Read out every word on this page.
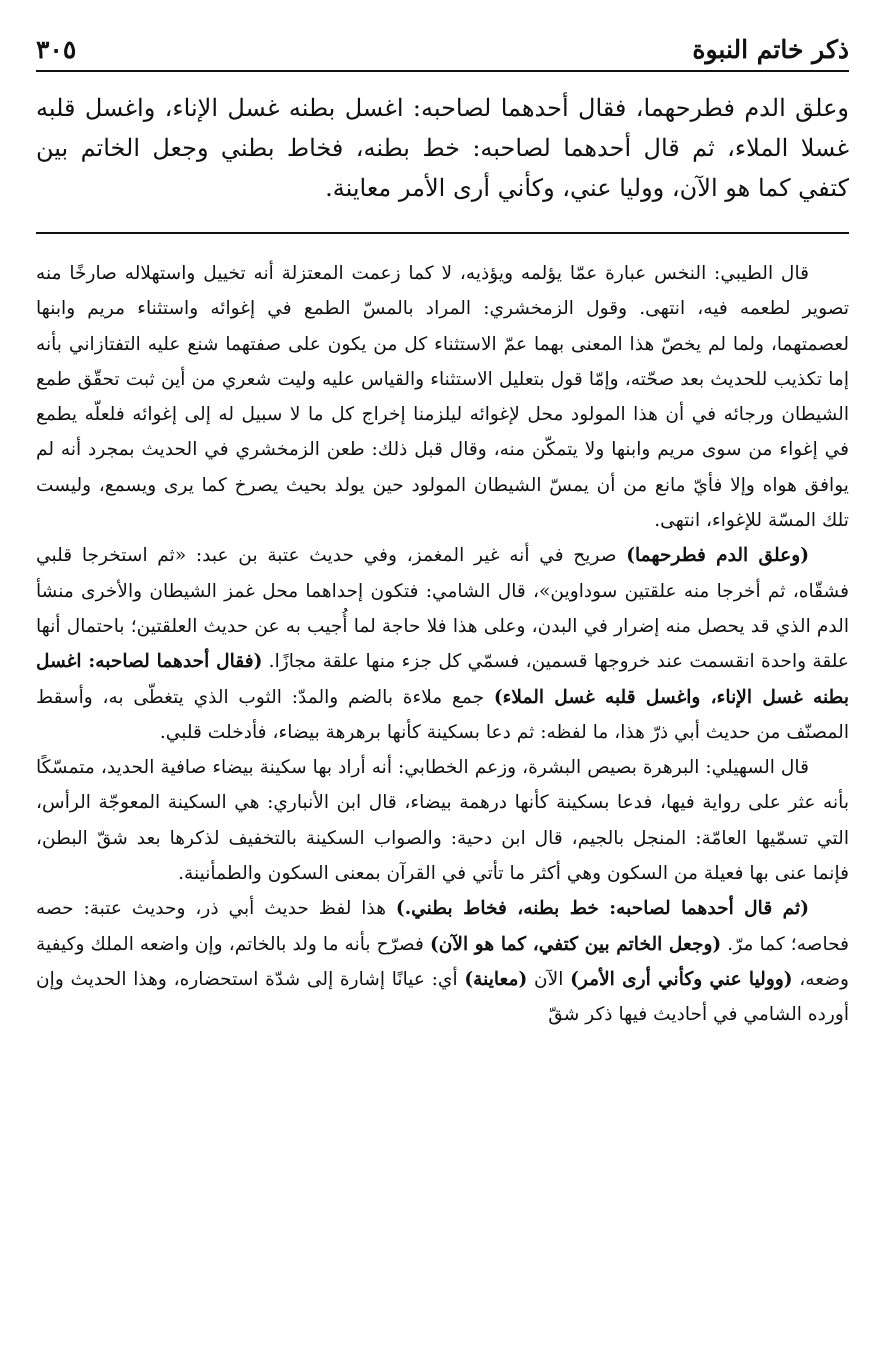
ذكر خاتم النبوة
٣٠٥

وعلق الدم فطرحهما، فقال أحدهما لصاحبه: اغسل بطنه غسل الإناء، واغسل قلبه غسلا الملاء، ثم قال أحدهما لصاحبه: خط بطنه، فخاط بطني وجعل الخاتم بين كتفي كما هو الآن، ووليا عني، وكأني أرى الأمر معاينة.

قال الطيبي: النخس عبارة عمّا يؤلمه ويؤذيه، لا كما زعمت المعتزلة أنه تخييل واستهلاله صارخًا منه تصوير لطعمه فيه، انتهى. وقول الزمخشري: المراد بالمسّ الطمع في إغوائه واستثناء مريم وابنها لعصمتهما، ولما لم يخصّ هذا المعنى بهما عمّ الاستثناء كل من يكون على صفتهما شنع عليه التفتازاني بأنه إما تكذيب للحديث بعد صحّته، وإمّا قول بتعليل الاستثناء والقياس عليه وليت شعري من أين ثبت تحقّق طمع الشيطان ورجائه في أن هذا المولود محل لإغوائه ليلزمنا إخراج كل ما لا سبيل له إلى إغوائه فلعلّه يطمع في إغواء من سوى مريم وابنها ولا يتمكّن منه، وقال قبل ذلك: طعن الزمخشري في الحديث بمجرد أنه لم يوافق هواه وإلا فأيّ مانع من أن يمسّ الشيطان المولود حين يولد بحيث يصرخ كما يرى ويسمع، وليست تلك المسّة للإغواء، انتهى.

(وعلق الدم فطرحهما) صريح في أنه غير المغمز، وفي حديث عتبة بن عبد: «ثم استخرجا قلبي فشقّاه، ثم أخرجا منه علقتين سوداوين»، قال الشامي: فتكون إحداهما محل غمز الشيطان والأخرى منشأ الدم الذي قد يحصل منه إضرار في البدن، وعلى هذا فلا حاجة لما أُجيب به عن حديث العلقتين؛ باحتمال أنها علقة واحدة انقسمت عند خروجها قسمين، فسمّي كل جزء منها علقة مجازًا. (فقال أحدهما لصاحبه: اغسل بطنه غسل الإناء، واغسل قلبه غسل الملاء) جمع ملاءة بالضم والمدّ: الثوب الذي يتغطّى به، وأسقط المصنّف من حديث أبي ذرّ هذا، ما لفظه: ثم دعا بسكينة كأنها برهرهة بيضاء، فأدخلت قلبي.

قال السهيلي: البرهرة بصيص البشرة، وزعم الخطابي: أنه أراد بها سكينة بيضاء صافية الحديد، متمسّكًا بأنه عثر على رواية فيها، فدعا بسكينة كأنها درهمة بيضاء، قال ابن الأنباري: هي السكينة المعوجّة الرأس، التي تسمّيها العامّة: المنجل بالجيم، قال ابن دحية: والصواب السكينة بالتخفيف لذكرها بعد شقّ البطن، فإنما عنى بها فعيلة من السكون وهي أكثر ما تأتي في القرآن بمعنى السكون والطمأنينة.

(ثم قال أحدهما لصاحبه: خط بطنه، فخاط بطني.) هذا لفظ حديث أبي ذر، وحديث عتبة: حصه فحاصه؛ كما مرّ. (وجعل الخاتم بين كتفي، كما هو الآن) فصرّح بأنه ما ولد بالخاتم، وإن واضعه الملك وكيفية وضعه، (ووليا عني وكأني أرى الأمر) الآن (معاينة) أي: عيانًا إشارة إلى شدّة استحضاره، وهذا الحديث وإن أورده الشامي في أحاديث فيها ذكر شقّ
